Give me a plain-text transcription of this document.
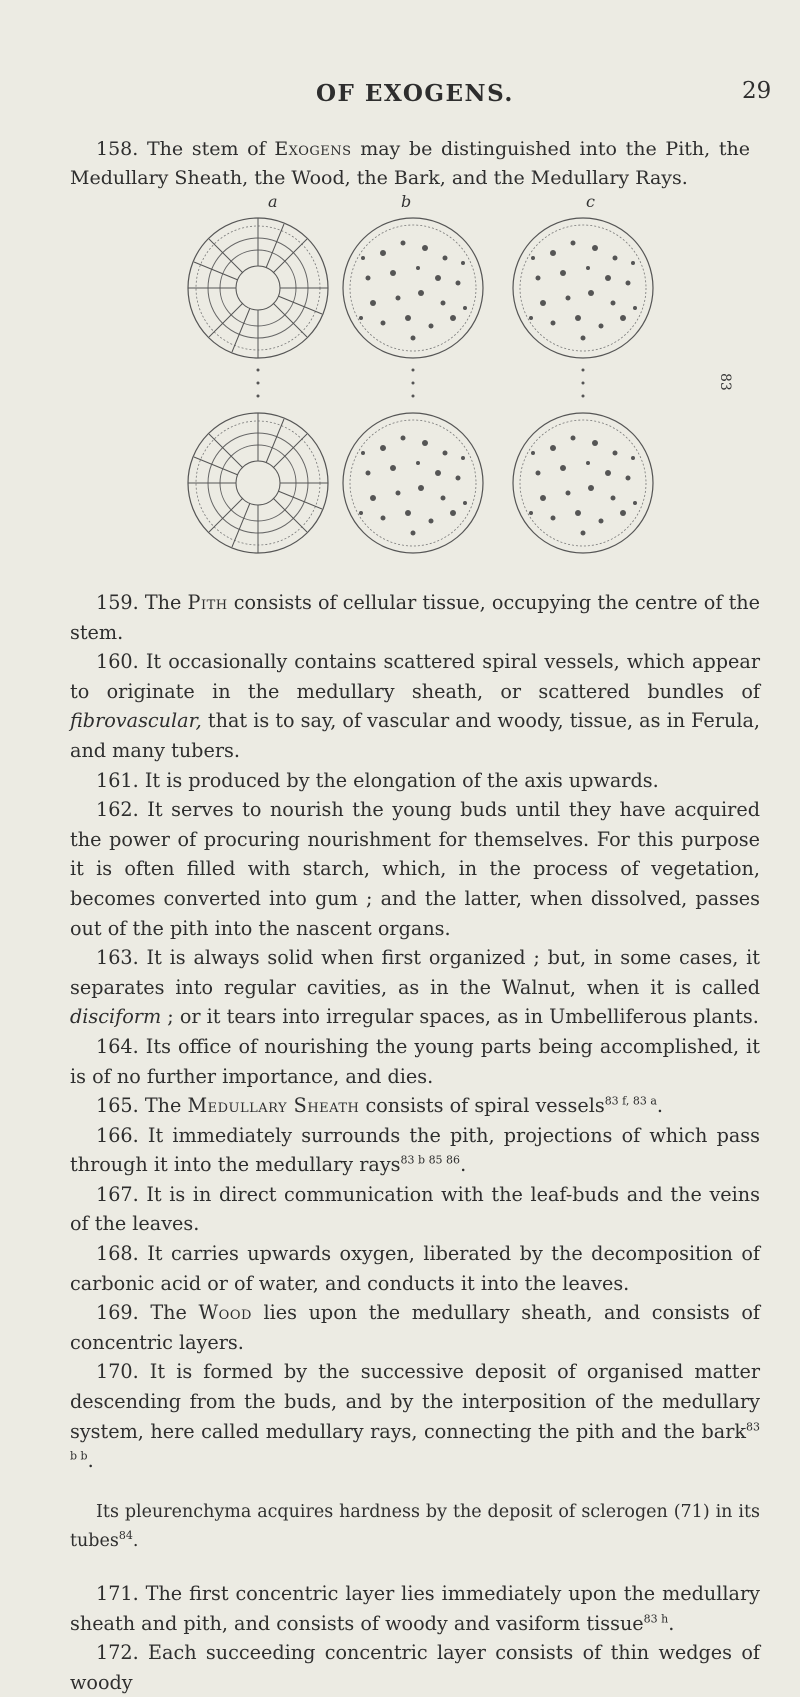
OF EXOGENS.	29
158. The stem of Exogens may be distinguished into the Pith, the Medullary Sheath, the Wood, the Bark, and the Medullary Rays.
a	b	c
83

159. The Pith consists of cellular tissue, occupying the centre of the stem.

160. It occasionally contains scattered spiral vessels, which appear to originate in the medullary sheath, or scattered bundles of fibrovascular, that is to say, of vascular and woody, tissue, as in Ferula, and many tubers.

161. It is produced by the elongation of the axis upwards.

162. It serves to nourish the young buds until they have acquired the power of procuring nourishment for themselves. For this purpose it is often filled with starch, which, in the process of vegetation, becomes converted into gum ; and the latter, when dissolved, passes out of the pith into the nascent organs.

163. It is always solid when first organized ; but, in some cases, it separates into regular cavities, as in the Walnut, when it is called disciform ; or it tears into irregular spaces, as in Umbelliferous plants.

164. Its office of nourishing the young parts being accomplished, it is of no further importance, and dies.

165. The Medullary Sheath consists of spiral vessels$^{83 f, 83 a}$.

166. It immediately surrounds the pith, projections of which pass through it into the medullary rays$^{83 b 85 86}$.

167. It is in direct communication with the leaf-buds and the veins of the leaves.

168. It carries upwards oxygen, liberated by the decomposition of carbonic acid or of water, and conducts it into the leaves.

169. The Wood lies upon the medullary sheath, and consists of concentric layers.

170. It is formed by the successive deposit of organised matter descending from the buds, and by the interposition of the medullary system, here called medullary rays, connecting the pith and the bark$^{83 b b}$.

Its pleurenchyma acquires hardness by the deposit of sclerogen (71) in its tubes$^{84}$.

171. The first concentric layer lies immediately upon the medullary sheath and pith, and consists of woody and vasiform tissue$^{83 h}$.

172. Each succeeding concentric layer consists of thin wedges of woody
